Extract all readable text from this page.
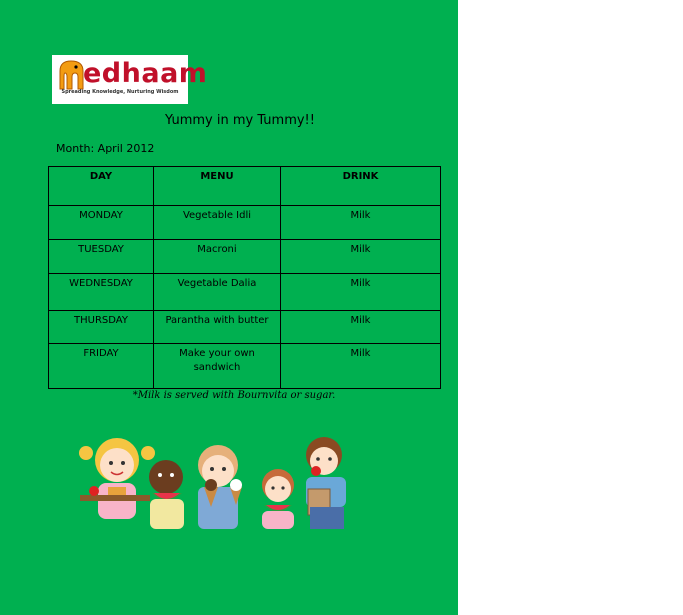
edhaam
Spreading Knowledge, Nurturing Wisdom
Yummy in my Tummy!!
Month: April 2012
DAY	MENU	DRINK
MONDAY	Vegetable Idli	Milk
TUESDAY	Macroni	Milk
WEDNESDAY	Vegetable Dalia	Milk
THURSDAY	Parantha with butter	Milk
FRIDAY	Make your own sandwich	Milk
*Milk is served with Bournvita or sugar.
